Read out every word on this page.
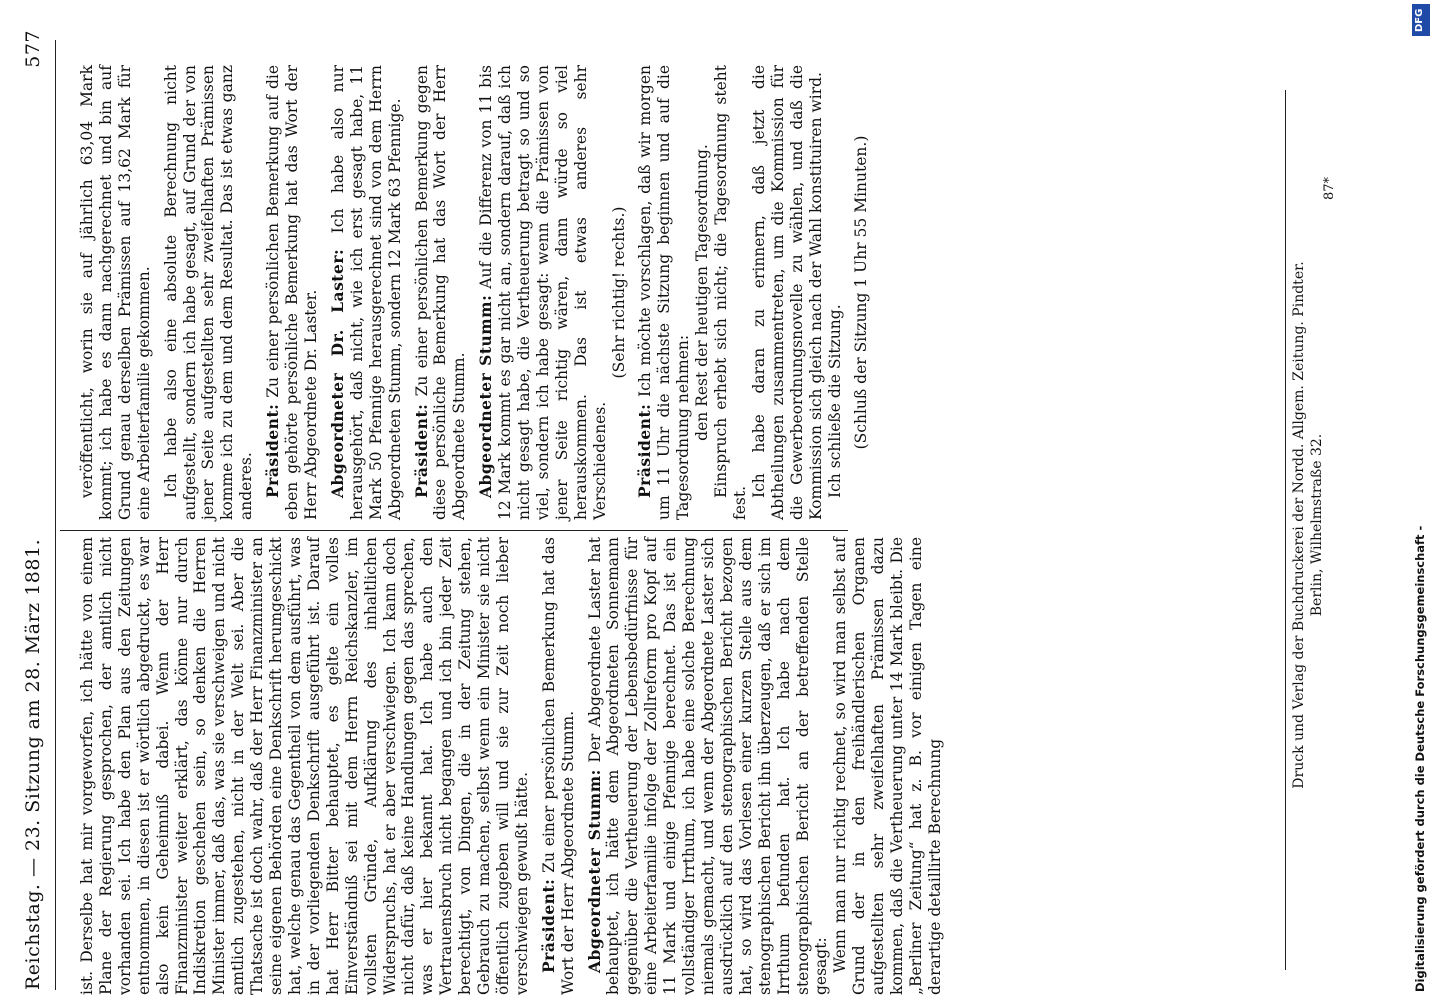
Reichstag. — 23. Sitzung am 28. März 1881.
577

ist. Derselbe hat mir vorgeworfen, ich hätte von einem Plane der Regierung gesprochen, der amtlich nicht vorhanden sei. Ich habe den Plan aus den Zeitungen entnommen, in diesen ist er wörtlich abgedruckt, es war also kein Geheimniß dabei. Wenn der Herr Finanzminister weiter erklärt, das könne nur durch Indiskretion geschehen sein, so denken die Herren Minister immer, daß das, was sie verschweigen und nicht amtlich zugestehen, nicht in der Welt sei. Aber die Thatsache ist doch wahr, daß der Herr Finanzminister an seine eigenen Behörden eine Denkschrift herumgeschickt hat, welche genau das Gegentheil von dem ausführt, was in der vorliegenden Denkschrift ausgeführt ist. Darauf hat Herr Bitter behauptet, es gelte ein volles Einverständniß sei mit dem Herrn Reichskanzler, im vollsten Gründe, Aufklärung des inhaltlichen Widerspruchs, hat er aber verschwiegen. Ich kann doch nicht dafür, daß keine Handlungen gegen das sprechen, was er hier bekannt hat. Ich habe auch den Vertrauensbruch nicht begangen und ich bin jeder Zeit berechtigt, von Dingen, die in der Zeitung stehen, Gebrauch zu machen, selbst wenn ein Minister sie nicht öffentlich zugeben will und sie zur Zeit noch lieber verschwiegen gewußt hätte. Präsident: Zu einer persönlichen Bemerkung hat das Wort der Herr Abgeordnete Stumm. Abgeordneter Stumm: Der Abgeordnete Laster hat behauptet, ich hätte dem Abgeordneten Sonnemann gegenüber die Vertheuerung der Lebensbedürfnisse für eine Arbeiterfamilie infolge der Zollreform pro Kopf auf 11 Mark und einige Pfennige berechnet. Das ist ein vollständiger Irrthum, ich habe eine solche Berechnung niemals gemacht, und wenn der Abgeordnete Laster sich ausdrücklich auf den stenographischen Bericht bezogen hat, so wird das Vorlesen einer kurzen Stelle aus dem stenographischen Bericht ihn überzeugen, daß er sich im Irrthum befunden hat. Ich habe nach dem stenographischen Bericht an der betreffenden Stelle gesagt: Wenn man nur richtig rechnet, so wird man selbst auf Grund der in den freihändlerischen Organen aufgestellten sehr zweifelhaften Prämissen dazu kommen, daß die Vertheuerung unter 14 Mark bleibt. Die „Berliner Zeitung“ hat z. B. vor einigen Tagen eine derartige detaillirte Berechnung

veröffentlicht, worin sie auf jährlich 63,04 Mark kommt; ich habe es dann nachgerechnet und bin auf Grund genau derselben Prämissen auf 13,62 Mark für eine Arbeiterfamilie gekommen. Ich habe also eine absolute Berechnung nicht aufgestellt, sondern ich habe gesagt, auf Grund der von jener Seite aufgestellten sehr zweifelhaften Prämissen komme ich zu dem und dem Resultat. Das ist etwas ganz anderes. Präsident: Zu einer persönlichen Bemerkung auf die eben gehörte persönliche Bemerkung hat das Wort der Herr Abgeordnete Dr. Laster. Abgeordneter Dr. Laster: Ich habe also nur herausgehört, daß nicht, wie ich erst gesagt habe, 11 Mark 50 Pfennige herausgerechnet sind von dem Herrn Abgeordneten Stumm, sondern 12 Mark 63 Pfennige. Präsident: Zu einer persönlichen Bemerkung gegen diese persönliche Bemerkung hat das Wort der Herr Abgeordnete Stumm. Abgeordneter Stumm: Auf die Differenz von 11 bis 12 Mark kommt es gar nicht an, sondern darauf, daß ich nicht gesagt habe, die Vertheuerung betragt so und so viel, sondern ich habe gesagt: wenn die Prämissen von jener Seite richtig wären, dann würde so viel herauskommen. Das ist etwas anderes sehr Verschiedenes.

(Sehr richtig! rechts.)

Präsident: Ich möchte vorschlagen, daß wir morgen um 11 Uhr die nächste Sitzung beginnen und auf die Tagesordnung nehmen: den Rest der heutigen Tagesordnung. Einspruch erhebt sich nicht; die Tagesordnung steht fest.

Ich habe daran zu erinnern, daß jetzt die Abtheilungen zusammentreten, um die Kommission für die Gewerbeordnungsnovelle zu wählen, und daß die Kommission sich gleich nach der Wahl konstituiren wird. Ich schließe die Sitzung. (Schluß der Sitzung 1 Uhr 55 Minuten.)	Druck und Verlag der Buchdruckerei der Nordd. Allgem. Zeitung. Pindter. Berlin, Wilhelmstraße 32.
87*
Digitalisierung gefördert durch die Deutsche Forschungsgemeinschaft -
DFG
